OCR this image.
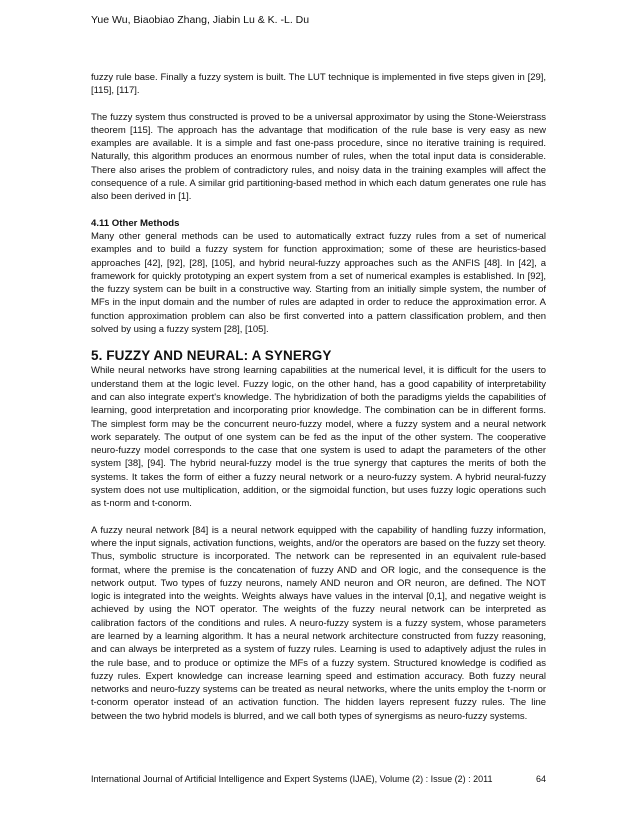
Yue Wu, Biaobiao Zhang, Jiabin Lu & K. -L. Du

fuzzy rule base. Finally a fuzzy system is built. The LUT technique is implemented in five steps given in [29], [115], [117].

The fuzzy system thus constructed is proved to be a universal approximator by using the Stone-Weierstrass theorem [115]. The approach has the advantage that modification of the rule base is very easy as new examples are available. It is a simple and fast one-pass procedure, since no iterative training is required. Naturally, this algorithm produces an enormous number of rules, when the total input data is considerable. There also arises the problem of contradictory rules, and noisy data in the training examples will affect the consequence of a rule. A similar grid partitioning-based method in which each datum generates one rule has also been derived in [1].

4.11 Other Methods

Many other general methods can be used to automatically extract fuzzy rules from a set of numerical examples and to build a fuzzy system for function approximation; some of these are heuristics-based approaches [42], [92], [28], [105], and hybrid neural-fuzzy approaches such as the ANFIS [48]. In [42], a framework for quickly prototyping an expert system from a set of numerical examples is established. In [92], the fuzzy system can be built in a constructive way. Starting from an initially simple system, the number of MFs in the input domain and the number of rules are adapted in order to reduce the approximation error. A function approximation problem can also be first converted into a pattern classification problem, and then solved by using a fuzzy system [28], [105].

5. FUZZY AND NEURAL: A SYNERGY

While neural networks have strong learning capabilities at the numerical level, it is difficult for the users to understand them at the logic level. Fuzzy logic, on the other hand, has a good capability of interpretability and can also integrate expert's knowledge. The hybridization of both the paradigms yields the capabilities of learning, good interpretation and incorporating prior knowledge. The combination can be in different forms. The simplest form may be the concurrent neuro-fuzzy model, where a fuzzy system and a neural network work separately. The output of one system can be fed as the input of the other system. The cooperative neuro-fuzzy model corresponds to the case that one system is used to adapt the parameters of the other system [38], [94]. The hybrid neural-fuzzy model is the true synergy that captures the merits of both the systems. It takes the form of either a fuzzy neural network or a neuro-fuzzy system. A hybrid neural-fuzzy system does not use multiplication, addition, or the sigmoidal function, but uses fuzzy logic operations such as t-norm and t-conorm.

A fuzzy neural network [84] is a neural network equipped with the capability of handling fuzzy information, where the input signals, activation functions, weights, and/or the operators are based on the fuzzy set theory. Thus, symbolic structure is incorporated. The network can be represented in an equivalent rule-based format, where the premise is the concatenation of fuzzy AND and OR logic, and the consequence is the network output. Two types of fuzzy neurons, namely AND neuron and OR neuron, are defined. The NOT logic is integrated into the weights. Weights always have values in the interval [0,1], and negative weight is achieved by using the NOT operator. The weights of the fuzzy neural network can be interpreted as calibration factors of the conditions and rules. A neuro-fuzzy system is a fuzzy system, whose parameters are learned by a learning algorithm. It has a neural network architecture constructed from fuzzy reasoning, and can always be interpreted as a system of fuzzy rules. Learning is used to adaptively adjust the rules in the rule base, and to produce or optimize the MFs of a fuzzy system. Structured knowledge is codified as fuzzy rules. Expert knowledge can increase learning speed and estimation accuracy. Both fuzzy neural networks and neuro-fuzzy systems can be treated as neural networks, where the units employ the t-norm or t-conorm operator instead of an activation function. The hidden layers represent fuzzy rules. The line between the two hybrid models is blurred, and we call both types of synergisms as neuro-fuzzy systems.

International Journal of Artificial Intelligence and Expert Systems (IJAE), Volume (2) : Issue (2) : 2011	64
